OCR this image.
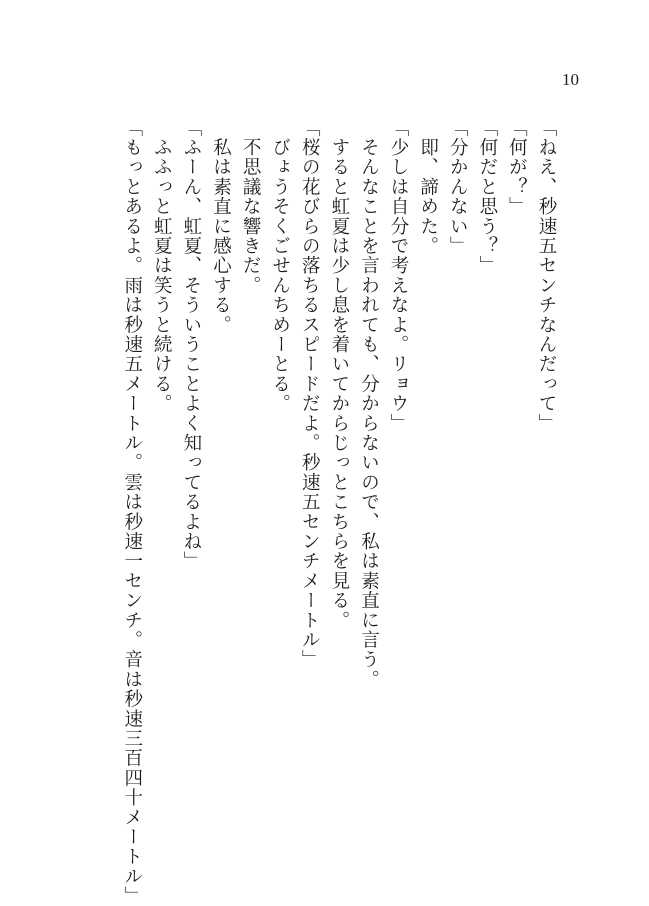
10

「ねえ、秒速五センチなんだって」

「何が？」

「何だと思う？」

「分かんない」

　即、諦めた。

「少しは自分で考えなよ。リョウ」

　そんなことを言われても、分からないので、私は素直に言う。

　すると虹夏は少し息を着いてからじっとこちらを見る。

「桜の花びらの落ちるスピードだよ。秒速五センチメートル」

　びょうそくごせんちめーとる。

　不思議な響きだ。

　私は素直に感心する。

「ふーん、虹夏、そういうことよく知ってるよね」

　ふふっと虹夏は笑うと続ける。

「もっとあるよ。雨は秒速五メートル。雲は秒速一センチ。音は秒速三百四十メートル」
